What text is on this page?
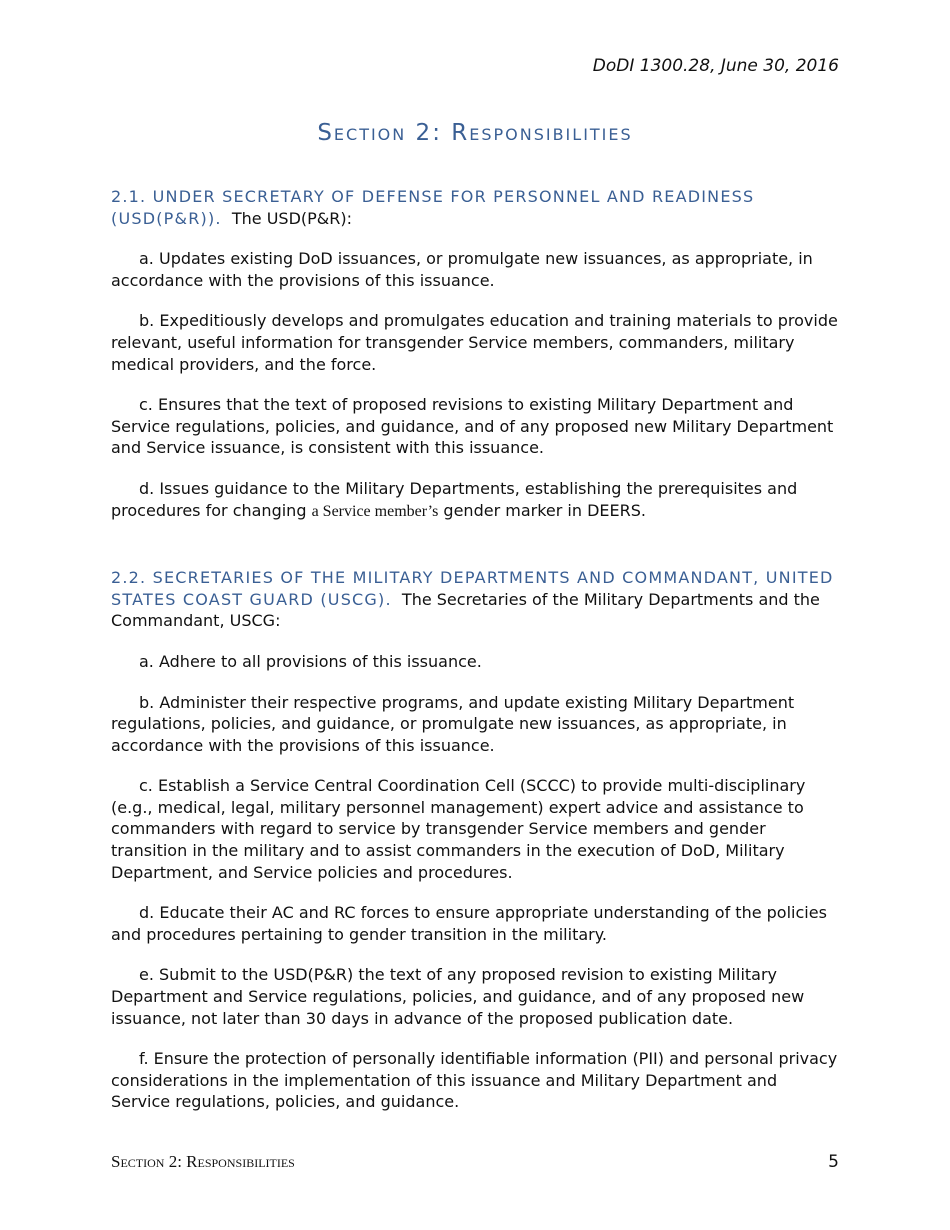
DoDI 1300.28, June 30, 2016
Section 2: Responsibilities

2.1. UNDER SECRETARY OF DEFENSE FOR PERSONNEL AND READINESS (USD(P&R)). The USD(P&R):

a. Updates existing DoD issuances, or promulgate new issuances, as appropriate, in accordance with the provisions of this issuance.

b. Expeditiously develops and promulgates education and training materials to provide relevant, useful information for transgender Service members, commanders, military medical providers, and the force.

c. Ensures that the text of proposed revisions to existing Military Department and Service regulations, policies, and guidance, and of any proposed new Military Department and Service issuance, is consistent with this issuance.

d. Issues guidance to the Military Departments, establishing the prerequisites and procedures for changing a Service member’s gender marker in DEERS.

2.2. SECRETARIES OF THE MILITARY DEPARTMENTS AND COMMANDANT, UNITED STATES COAST GUARD (USCG). The Secretaries of the Military Departments and the Commandant, USCG:

a. Adhere to all provisions of this issuance.

b. Administer their respective programs, and update existing Military Department regulations, policies, and guidance, or promulgate new issuances, as appropriate, in accordance with the provisions of this issuance.

c. Establish a Service Central Coordination Cell (SCCC) to provide multi-disciplinary (e.g., medical, legal, military personnel management) expert advice and assistance to commanders with regard to service by transgender Service members and gender transition in the military and to assist commanders in the execution of DoD, Military Department, and Service policies and procedures.

d. Educate their AC and RC forces to ensure appropriate understanding of the policies and procedures pertaining to gender transition in the military.

e. Submit to the USD(P&R) the text of any proposed revision to existing Military Department and Service regulations, policies, and guidance, and of any proposed new issuance, not later than 30 days in advance of the proposed publication date.

f. Ensure the protection of personally identifiable information (PII) and personal privacy considerations in the implementation of this issuance and Military Department and Service regulations, policies, and guidance.

Section 2: Responsibilities	5
